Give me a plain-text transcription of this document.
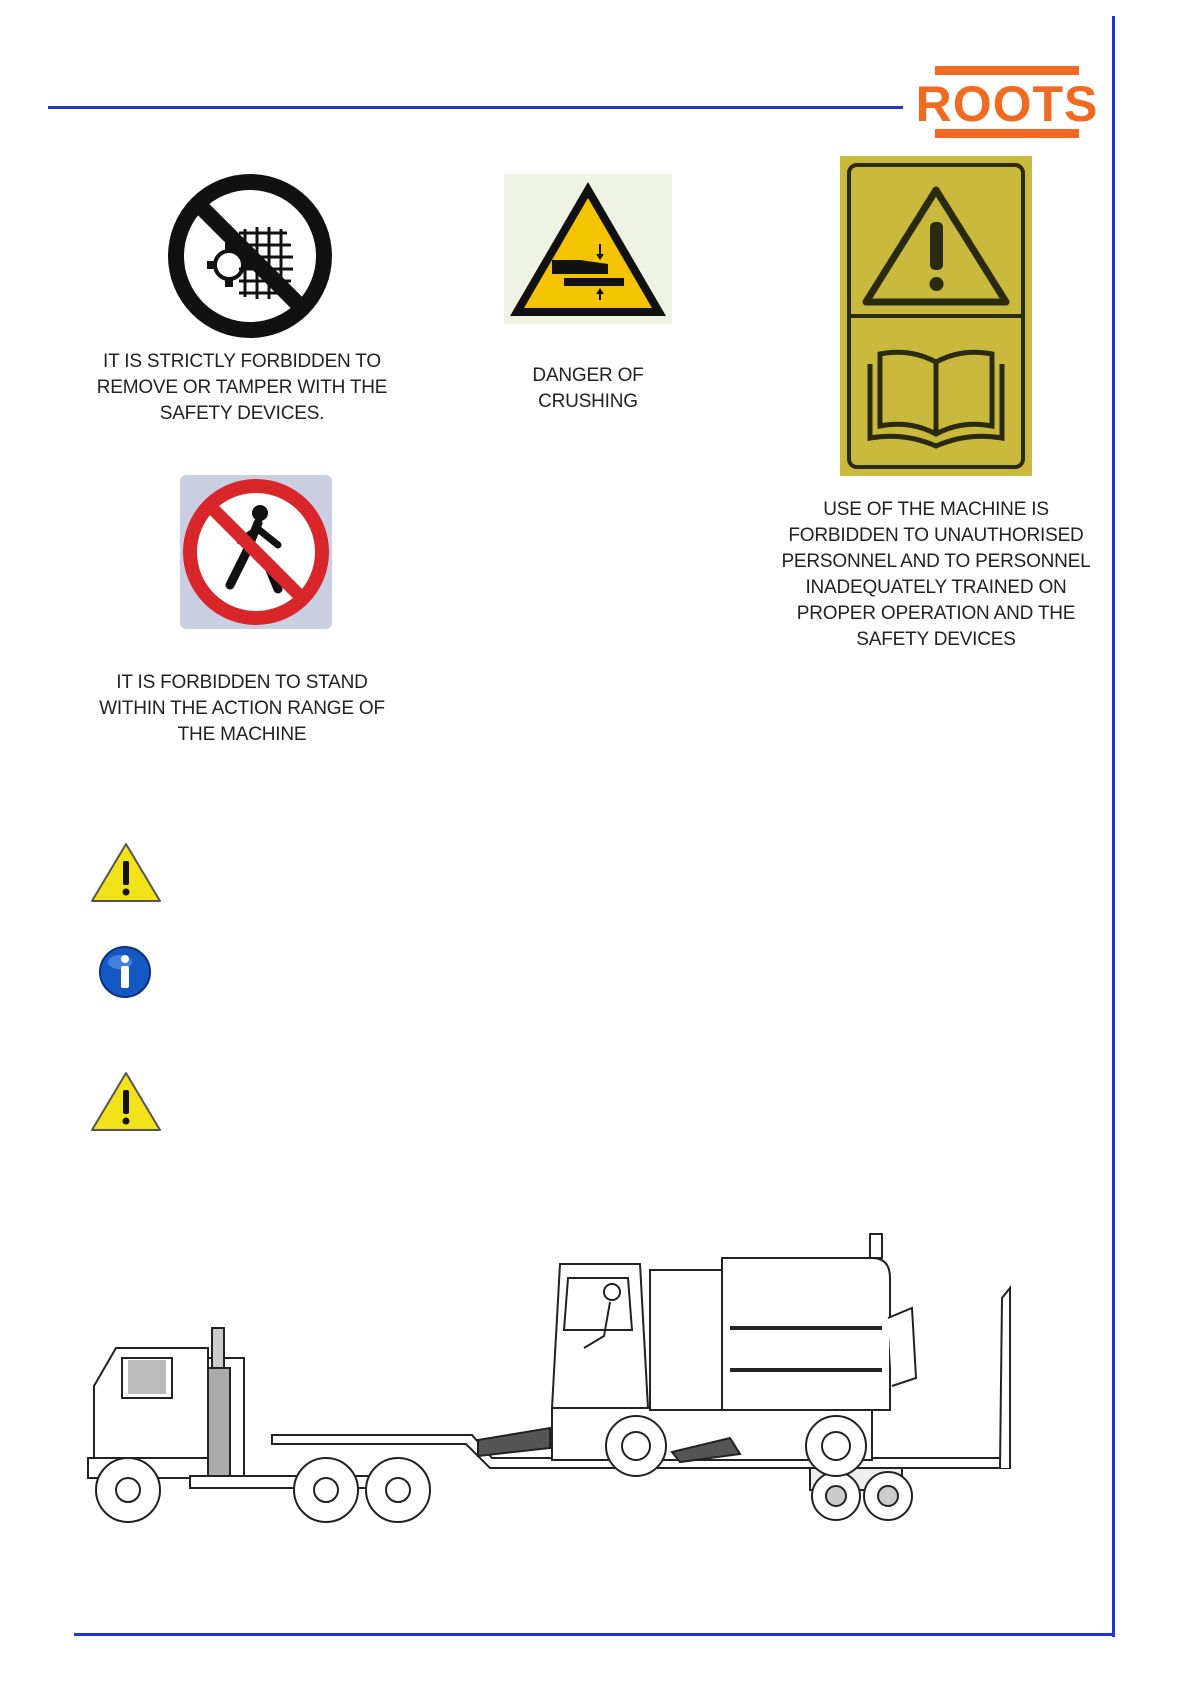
ROOTS
IT IS STRICTLY FORBIDDEN TO
REMOVE OR TAMPER WITH THE
SAFETY DEVICES.
DANGER OF
CRUSHING
USE OF THE MACHINE IS
FORBIDDEN TO UNAUTHORISED
PERSONNEL AND TO PERSONNEL
INADEQUATELY TRAINED ON
PROPER OPERATION AND THE
SAFETY DEVICES
IT IS FORBIDDEN TO STAND
WITHIN THE ACTION RANGE OF
THE MACHINE
